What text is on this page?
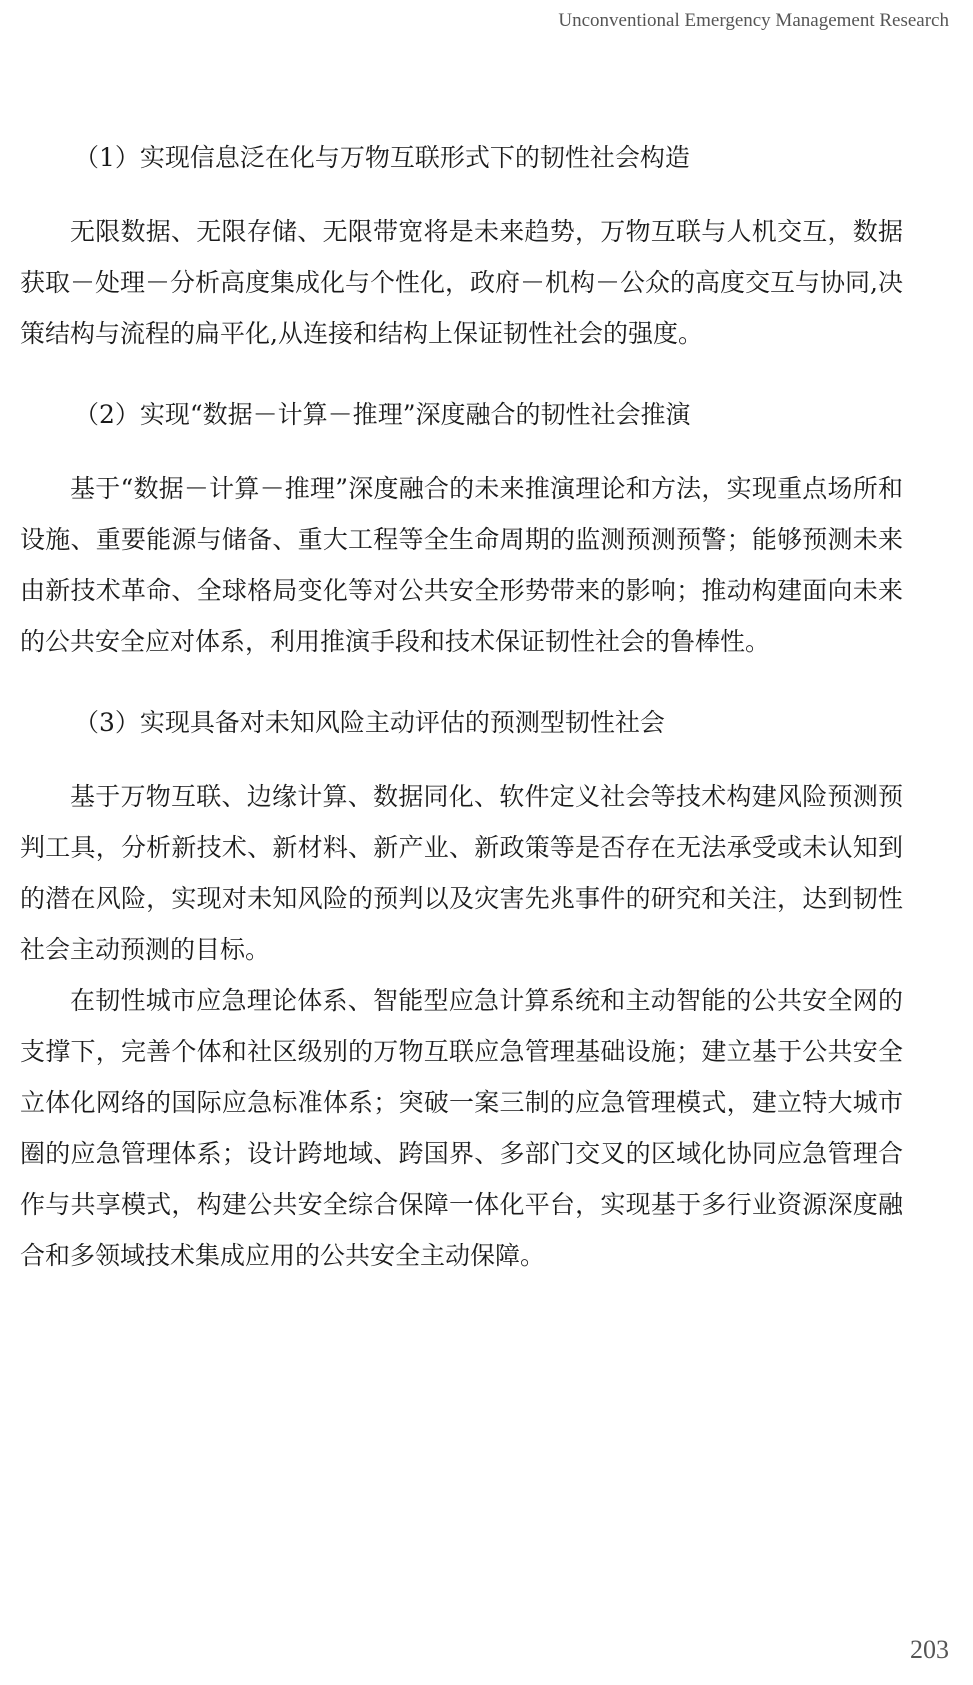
Unconventional Emergency Management Research

（1）实现信息泛在化与万物互联形式下的韧性社会构造

无限数据、无限存储、无限带宽将是未来趋势，万物互联与人机交互，数据获取－处理－分析高度集成化与个性化，政府－机构－公众的高度交互与协同,决策结构与流程的扁平化,从连接和结构上保证韧性社会的强度。

（2）实现“数据－计算－推理”深度融合的韧性社会推演

基于“数据－计算－推理”深度融合的未来推演理论和方法，实现重点场所和设施、重要能源与储备、重大工程等全生命周期的监测预测预警；能够预测未来由新技术革命、全球格局变化等对公共安全形势带来的影响；推动构建面向未来的公共安全应对体系，利用推演手段和技术保证韧性社会的鲁棒性。

（3）实现具备对未知风险主动评估的预测型韧性社会

基于万物互联、边缘计算、数据同化、软件定义社会等技术构建风险预测预判工具，分析新技术、新材料、新产业、新政策等是否存在无法承受或未认知到的潜在风险，实现对未知风险的预判以及灾害先兆事件的研究和关注，达到韧性社会主动预测的目标。

在韧性城市应急理论体系、智能型应急计算系统和主动智能的公共安全网的支撑下，完善个体和社区级别的万物互联应急管理基础设施；建立基于公共安全立体化网络的国际应急标准体系；突破一案三制的应急管理模式，建立特大城市圈的应急管理体系；设计跨地域、跨国界、多部门交叉的区域化协同应急管理合作与共享模式，构建公共安全综合保障一体化平台，实现基于多行业资源深度融合和多领域技术集成应用的公共安全主动保障。

203
